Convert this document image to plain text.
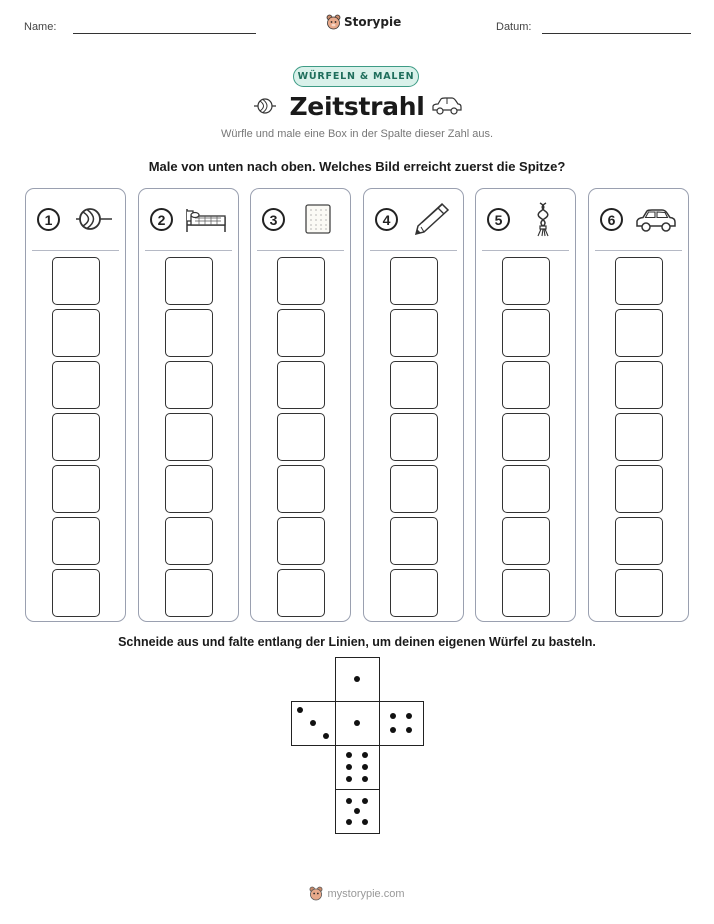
Name:	Datum:
Storypie
WÜRFELN & MALEN
Zeitstrahl
Würfle und male eine Box in der Spalte dieser Zahl aus.
Male von unten nach oben. Welches Bild erreicht zuerst die Spitze?
1	2	3	4	5	6
Schneide aus und falte entlang der Linien, um deinen eigenen Würfel zu basteln.
mystorypie.com
